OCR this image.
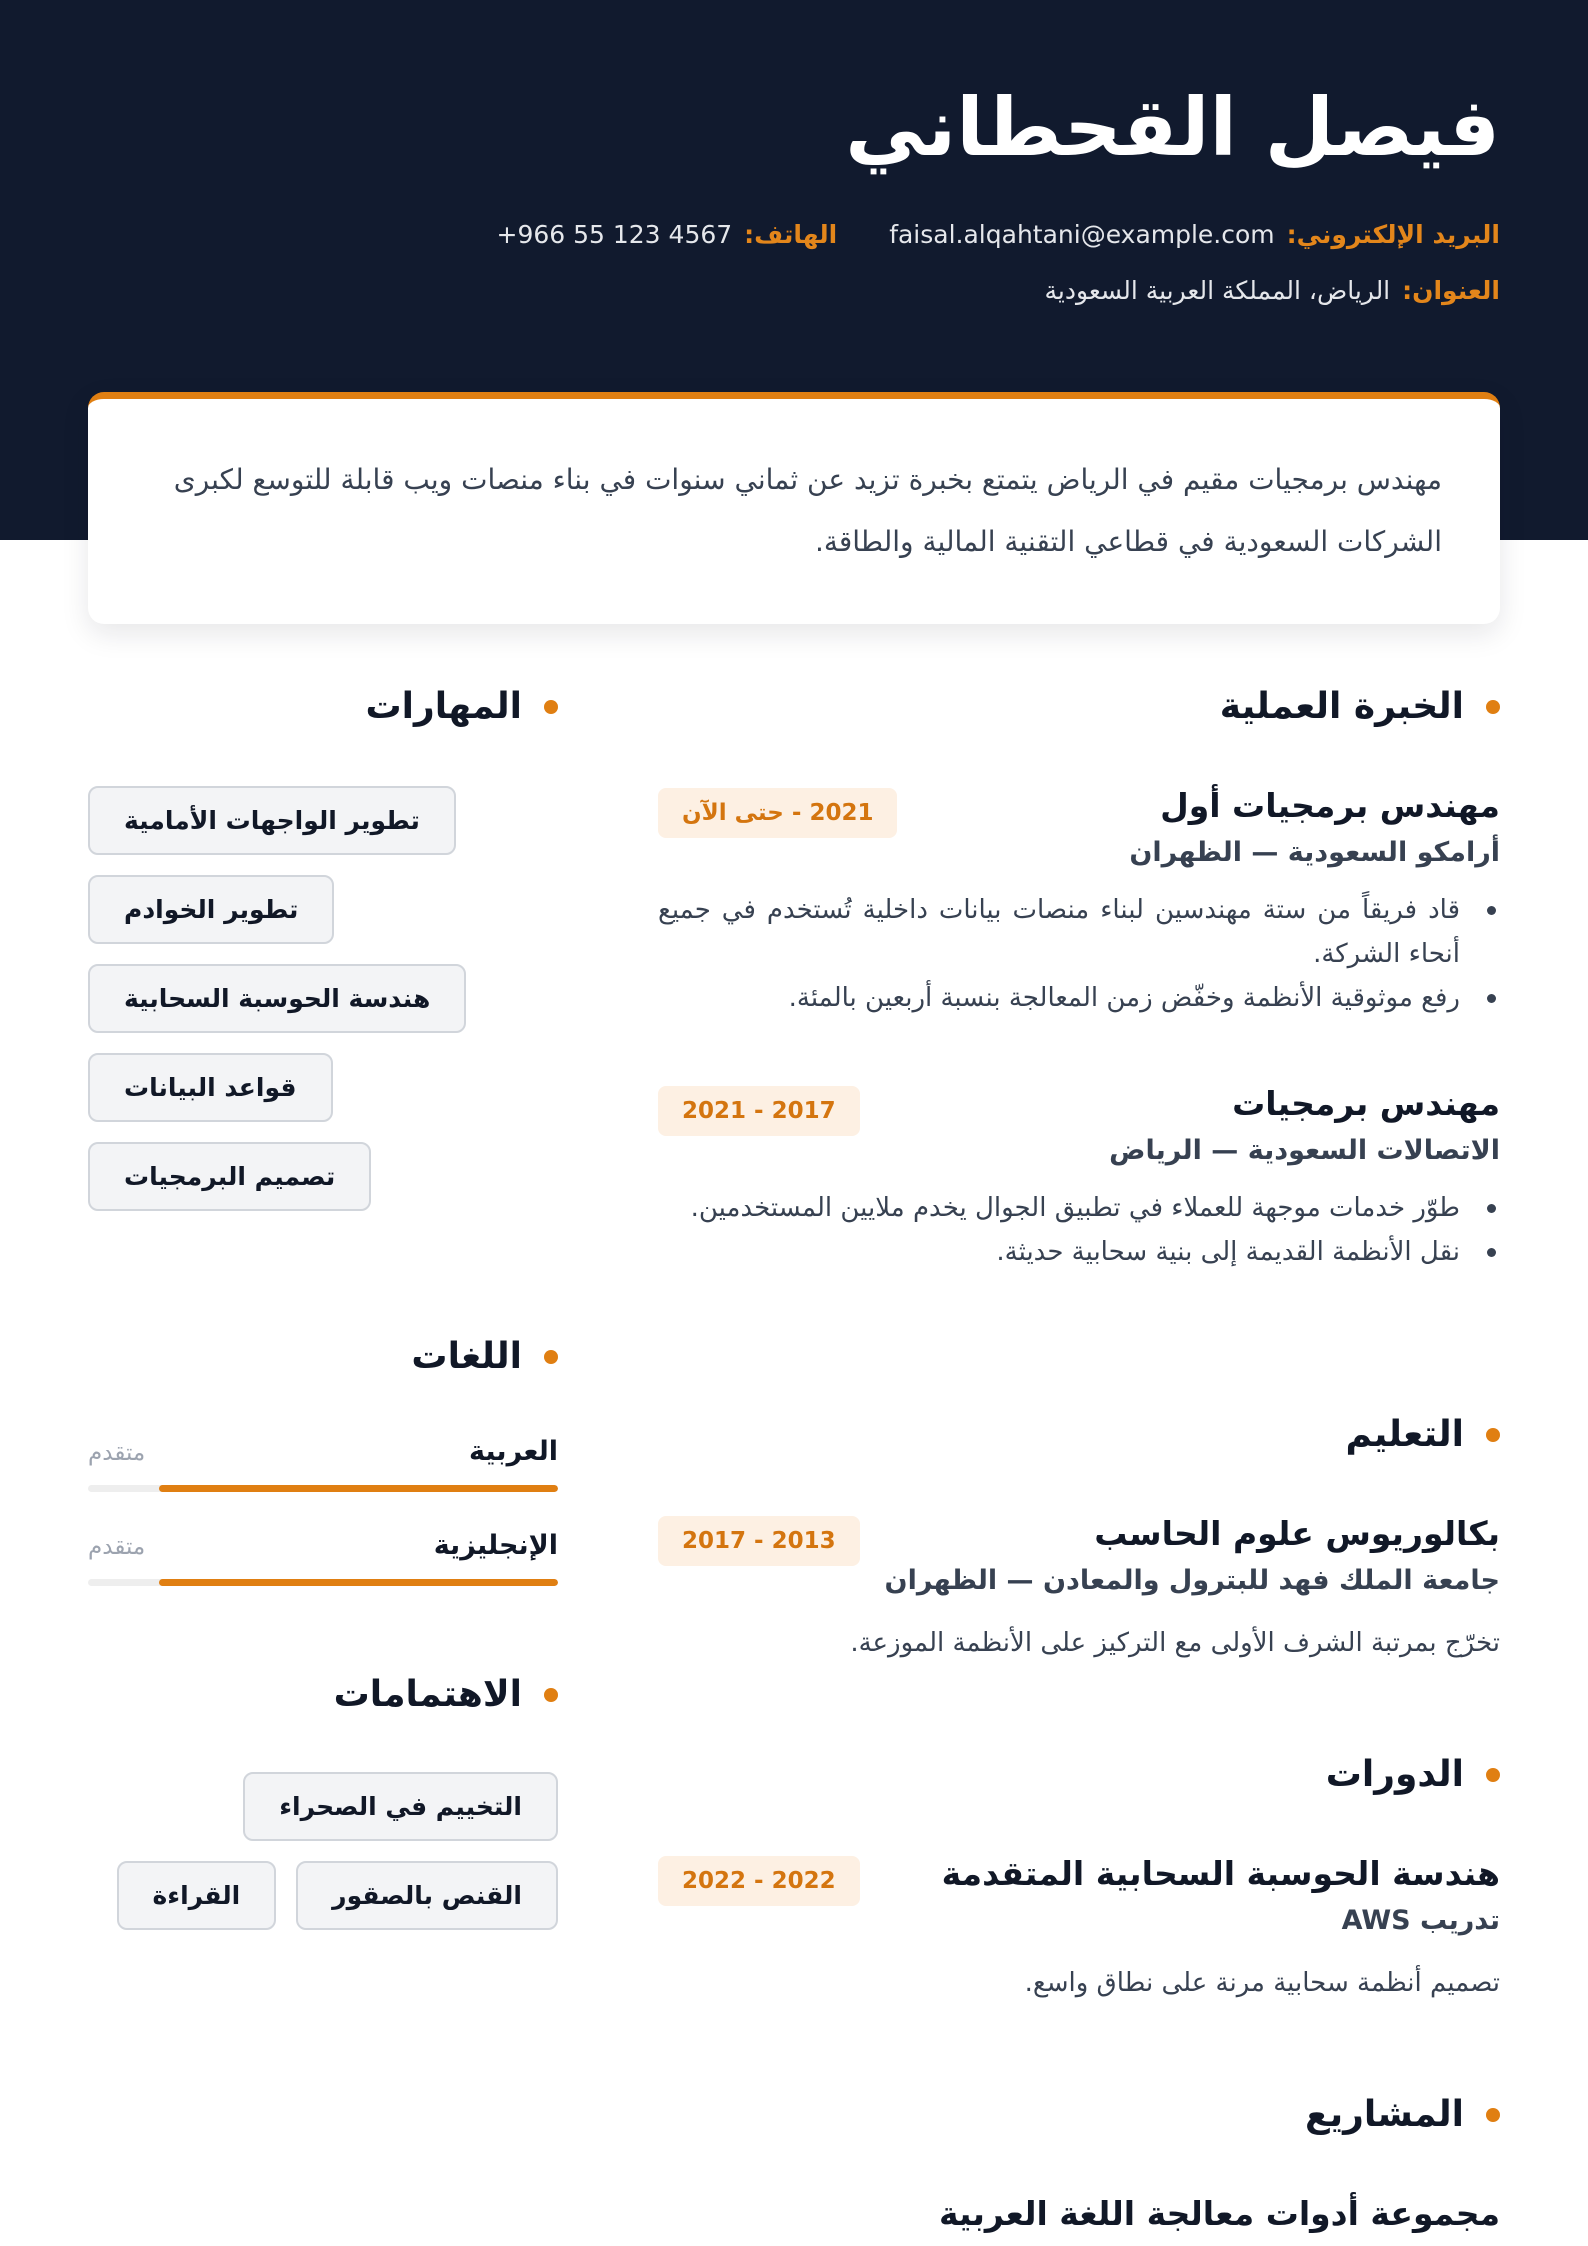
فيصل القحطاني
البريد الإلكتروني:
faisal.alqahtani@example.com
الهاتف:
+966 55 123 4567
العنوان:
الرياض، المملكة العربية السعودية

مهندس برمجيات مقيم في الرياض يتمتع بخبرة تزيد عن ثماني سنوات في بناء منصات ويب قابلة للتوسع لكبرى الشركات السعودية في قطاعي التقنية المالية والطاقة.

الخبرة العملية
مهندس برمجيات أول
أرامكو السعودية — الظهران
2021 - حتى الآن
قاد فريقاً من ستة مهندسين لبناء منصات بيانات داخلية تُستخدم في جميع أنحاء الشركة.
رفع موثوقية الأنظمة وخفّض زمن المعالجة بنسبة أربعين بالمئة.
مهندس برمجيات
الاتصالات السعودية — الرياض
2017 - 2021
طوّر خدمات موجهة للعملاء في تطبيق الجوال يخدم ملايين المستخدمين.
نقل الأنظمة القديمة إلى بنية سحابية حديثة.
التعليم
بكالوريوس علوم الحاسب
جامعة الملك فهد للبترول والمعادن — الظهران
2013 - 2017
تخرّج بمرتبة الشرف الأولى مع التركيز على الأنظمة الموزعة.
الدورات
هندسة الحوسبة السحابية المتقدمة
تدريب AWS
2022 - 2022
تصميم أنظمة سحابية مرنة على نطاق واسع.
المشاريع
مجموعة أدوات معالجة اللغة العربية
المهارات
تطوير الواجهات الأمامية
تطوير الخوادم
هندسة الحوسبة السحابية
قواعد البيانات
تصميم البرمجيات
اللغات
العربية
متقدم
الإنجليزية
متقدم
الاهتمامات
التخييم في الصحراء
القنص بالصقور
القراءة
